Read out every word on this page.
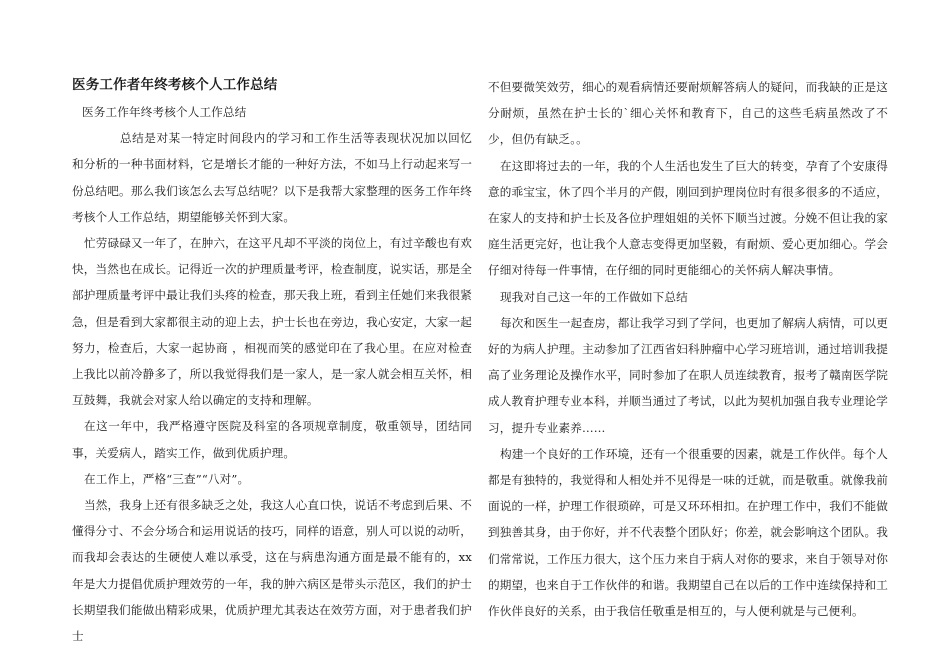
医务工作者年终考核个人工作总结

医务工作年终考核个人工作总结

总结是对某一特定时间段内的学习和工作生活等表现状况加以回忆和分析的一种书面材料，它是增长才能的一种好方法，不如马上行动起来写一份总结吧。那么我们该怎么去写总结呢？以下是我帮大家整理的医务工作年终考核个人工作总结，期望能够关怀到大家。

忙劳碌碌又一年了，在肿六，在这平凡却不平淡的岗位上，有过辛酸也有欢快，当然也在成长。记得近一次的护理质量考评，检查制度，说实话，那是全部护理质量考评中最让我们头疼的检查，那天我上班，看到主任她们来我很紧急，但是看到大家都很主动的迎上去，护士长也在旁边，我心安定，大家一起努力，检查后，大家一起协商 ，相视而笑的感觉印在了我心里。在应对检查上我比以前冷静多了，所以我觉得我们是一家人，是一家人就会相互关怀，相互鼓舞，我就会对家人给以确定的支持和理解。

在这一年中，我严格遵守医院及科室的各项规章制度，敬重领导，团结同事，关爱病人，踏实工作，做到优质护理。

在工作上，严格“三查”“八对”。

当然，我身上还有很多缺乏之处，我这人心直口快，说话不考虑到后果、不懂得分寸、不会分场合和运用说话的技巧，同样的语意，别人可以说的动听，而我却会表达的生硬使人难以承受，这在与病患沟通方面是最不能有的，xx年是大力提倡优质护理效劳的一年，我的肿六病区是带头示范区，我们的护士长期望我们能做出精彩成果，优质护理尤其表达在效劳方面，对于患者我们护士

不但要微笑效劳，细心的观看病情还要耐烦解答病人的疑问，而我缺的正是这分耐烦，虽然在护士长的`细心关怀和教育下，自己的这些毛病虽然改了不少，但仍有缺乏。。

在这即将过去的一年，我的个人生活也发生了巨大的转变，孕育了个安康得意的乖宝宝，休了四个半月的产假，刚回到护理岗位时有很多很多的不适应，在家人的支持和护士长及各位护理姐姐的关怀下顺当过渡。分娩不但让我的家庭生活更完好，也让我个人意志变得更加坚毅，有耐烦、爱心更加细心。学会仔细对待每一件事情，在仔细的同时更能细心的关怀病人解决事情。

现我对自己这一年的工作做如下总结

每次和医生一起查房，都让我学习到了学问，也更加了解病人病情，可以更好的为病人护理。主动参加了江西省妇科肿瘤中心学习班培训，通过培训我提高了业务理论及操作水平，同时参加了在职人员连续教育，报考了赣南医学院成人教育护理专业本科，并顺当通过了考试，以此为契机加强自我专业理论学习，提升专业素养……

构建一个良好的工作环境，还有一个很重要的因素，就是工作伙伴。每个人都是有独特的，我觉得和人相处并不见得是一味的迁就，而是敬重。就像我前面说的一样，护理工作很琐碎，可是又环环相扣。在护理工作中，我们不能做到独善其身，由于你好，并不代表整个团队好；你差，就会影响这个团队。我们常常说，工作压力很大，这个压力来自于病人对你的要求，来自于领导对你的期望，也来自于工作伙伴的和谐。我期望自己在以后的工作中连续保持和工作伙伴良好的关系，由于我信任敬重是相互的，与人便利就是与己便利。
